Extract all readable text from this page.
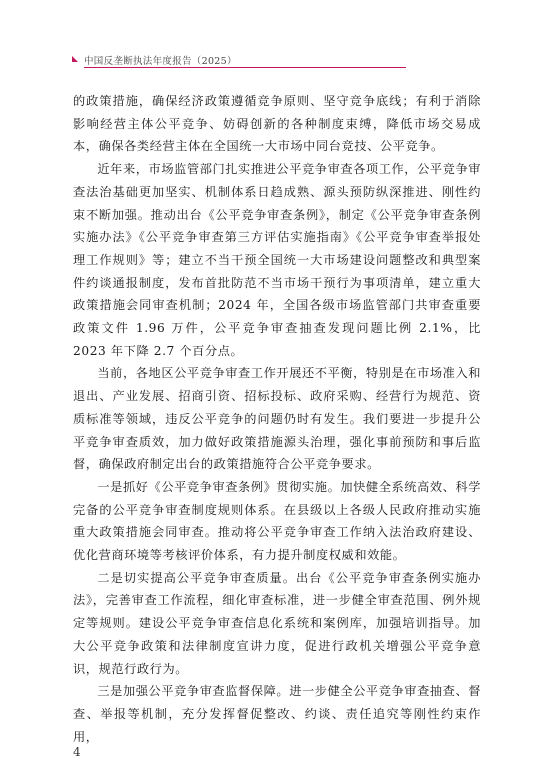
中国反垄断执法年度报告（2025）

的政策措施，确保经济政策遵循竞争原则、坚守竞争底线；有利于消除影响经营主体公平竞争、妨碍创新的各种制度束缚，降低市场交易成本，确保各类经营主体在全国统一大市场中同台竞技、公平竞争。

近年来，市场监管部门扎实推进公平竞争审查各项工作，公平竞争审查法治基础更加坚实、机制体系日趋成熟、源头预防纵深推进、刚性约束不断加强。推动出台《公平竞争审查条例》，制定《公平竞争审查条例实施办法》《公平竞争审查第三方评估实施指南》《公平竞争审查举报处理工作规则》等；建立不当干预全国统一大市场建设问题整改和典型案件约谈通报制度，发布首批防范不当市场干预行为事项清单，建立重大政策措施会同审查机制；2024 年，全国各级市场监管部门共审查重要政策文件 1.96 万件，公平竞争审查抽查发现问题比例 2.1%，比 2023 年下降 2.7 个百分点。

当前，各地区公平竞争审查工作开展还不平衡，特别是在市场准入和退出、产业发展、招商引资、招标投标、政府采购、经营行为规范、资质标准等领域，违反公平竞争的问题仍时有发生。我们要进一步提升公平竞争审查质效，加力做好政策措施源头治理，强化事前预防和事后监督，确保政府制定出台的政策措施符合公平竞争要求。

一是抓好《公平竞争审查条例》贯彻实施。加快健全系统高效、科学完备的公平竞争审查制度规则体系。在县级以上各级人民政府推动实施重大政策措施会同审查。推动将公平竞争审查工作纳入法治政府建设、优化营商环境等考核评价体系，有力提升制度权威和效能。

二是切实提高公平竞争审查质量。出台《公平竞争审查条例实施办法》，完善审查工作流程，细化审查标准，进一步健全审查范围、例外规定等规则。建设公平竞争审查信息化系统和案例库，加强培训指导。加大公平竞争政策和法律制度宣讲力度，促进行政机关增强公平竞争意识，规范行政行为。

三是加强公平竞争审查监督保障。进一步健全公平竞争审查抽查、督查、举报等机制，充分发挥督促整改、约谈、责任追究等刚性约束作用，

4
